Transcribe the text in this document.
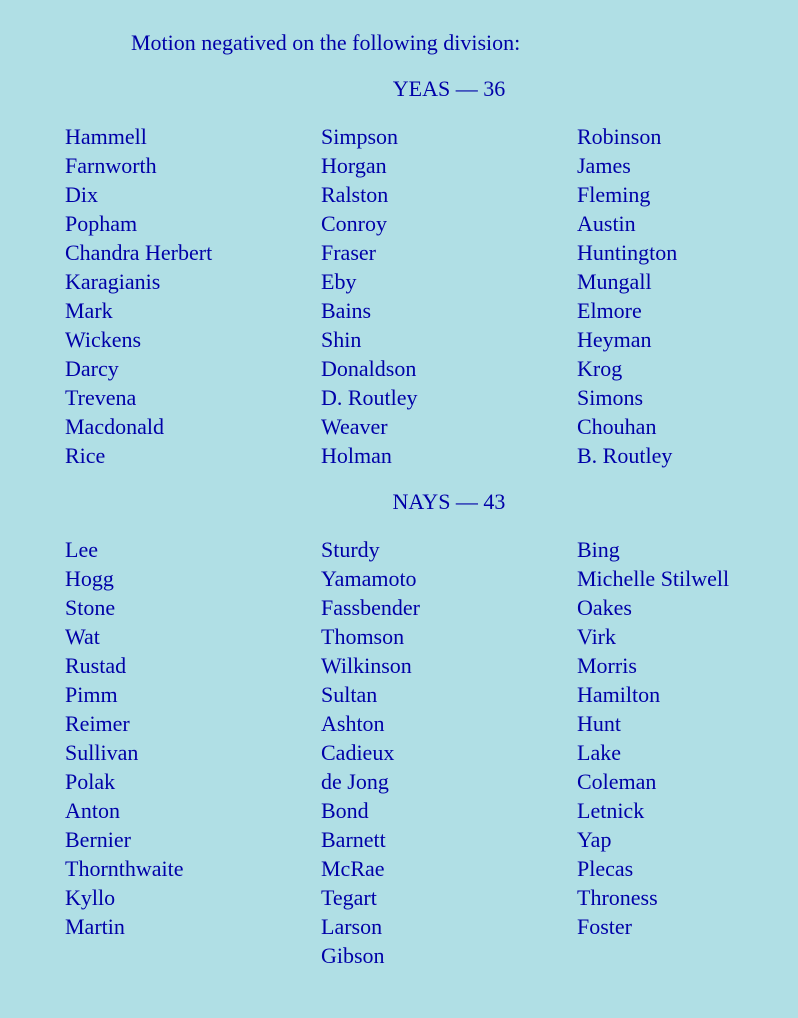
Motion negatived on the following division:
YEAS — 36
Hammell
Farnworth
Dix
Popham
Chandra Herbert
Karagianis
Mark
Wickens
Darcy
Trevena
Macdonald
Rice
Simpson
Horgan
Ralston
Conroy
Fraser
Eby
Bains
Shin
Donaldson
D. Routley
Weaver
Holman
Robinson
James
Fleming
Austin
Huntington
Mungall
Elmore
Heyman
Krog
Simons
Chouhan
B. Routley
NAYS — 43
Lee
Hogg
Stone
Wat
Rustad
Pimm
Reimer
Sullivan
Polak
Anton
Bernier
Thornthwaite
Kyllo
Martin
Sturdy
Yamamoto
Fassbender
Thomson
Wilkinson
Sultan
Ashton
Cadieux
de Jong
Bond
Barnett
McRae
Tegart
Larson
Gibson
Bing
Michelle Stilwell
Oakes
Virk
Morris
Hamilton
Hunt
Lake
Coleman
Letnick
Yap
Plecas
Throness
Foster
